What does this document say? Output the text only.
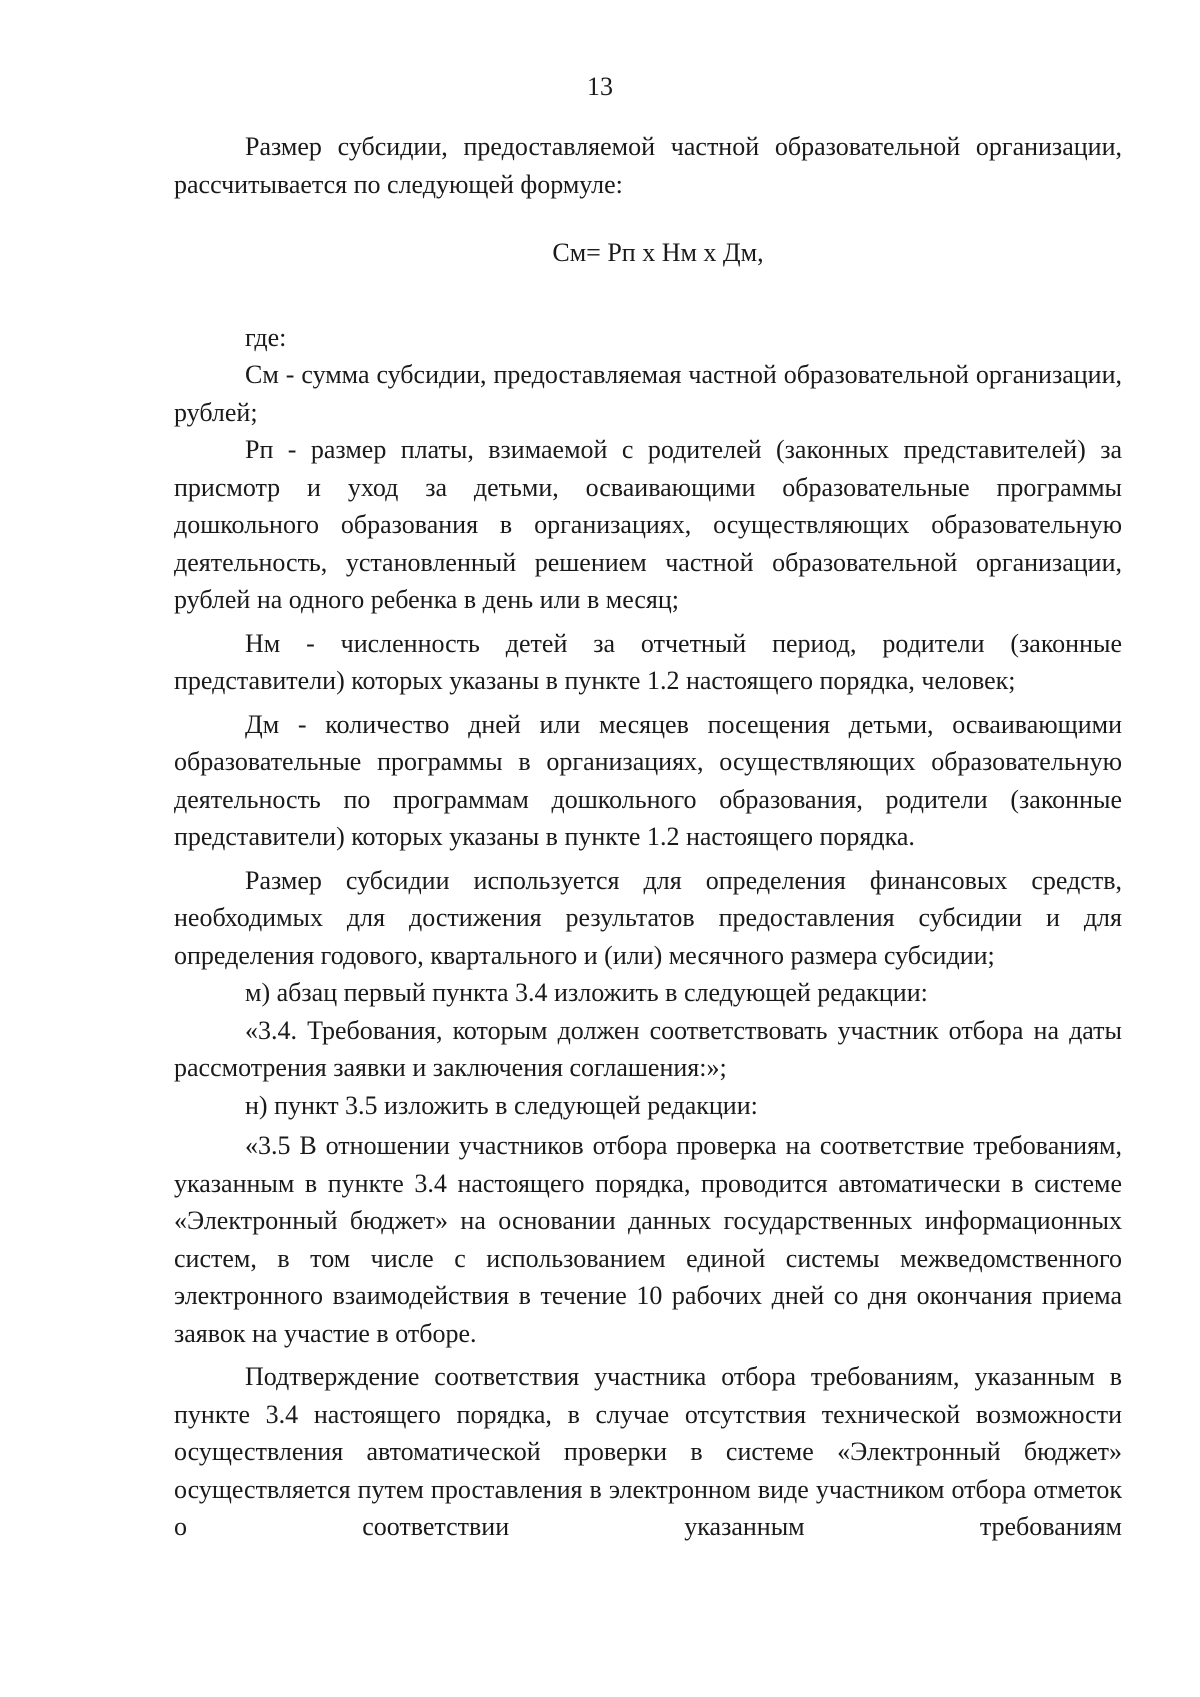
13

Размер субсидии, предоставляемой частной образовательной организации, рассчитывается по следующей формуле:

См= Рп х Нм х Дм,

где:

См - сумма субсидии, предоставляемая частной образовательной организации, рублей;

Рп - размер платы, взимаемой с родителей (законных представителей) за присмотр и уход за детьми, осваивающими образовательные программы дошкольного образования в организациях, осуществляющих образовательную деятельность, установленный решением частной образовательной организации, рублей на одного ребенка в день или в месяц;

Нм - численность детей за отчетный период, родители (законные представители) которых указаны в пункте 1.2 настоящего порядка, человек;

Дм - количество дней или месяцев посещения детьми, осваивающими образовательные программы в организациях, осуществляющих образовательную деятельность по программам дошкольного образования, родители (законные представители) которых указаны в пункте 1.2 настоящего порядка.

Размер субсидии используется для определения финансовых средств, необходимых для достижения результатов предоставления субсидии и для определения годового, квартального и (или) месячного размера субсидии;

м) абзац первый пункта 3.4 изложить в следующей редакции:

«3.4. Требования, которым должен соответствовать участник отбора на даты рассмотрения заявки и заключения соглашения:»;

н) пункт 3.5 изложить в следующей редакции:

«3.5 В отношении участников отбора проверка на соответствие требованиям, указанным в пункте 3.4 настоящего порядка, проводится автоматически в системе «Электронный бюджет» на основании данных государственных информационных систем, в том числе с использованием единой системы межведомственного электронного взаимодействия в течение 10 рабочих дней со дня окончания приема заявок на участие в отборе.

Подтверждение соответствия участника отбора требованиям, указанным в пункте 3.4 настоящего порядка, в случае отсутствия технической возможности осуществления автоматической проверки в системе «Электронный бюджет» осуществляется путем проставления в электронном виде участником отбора отметок о соответствии указанным требованиям
